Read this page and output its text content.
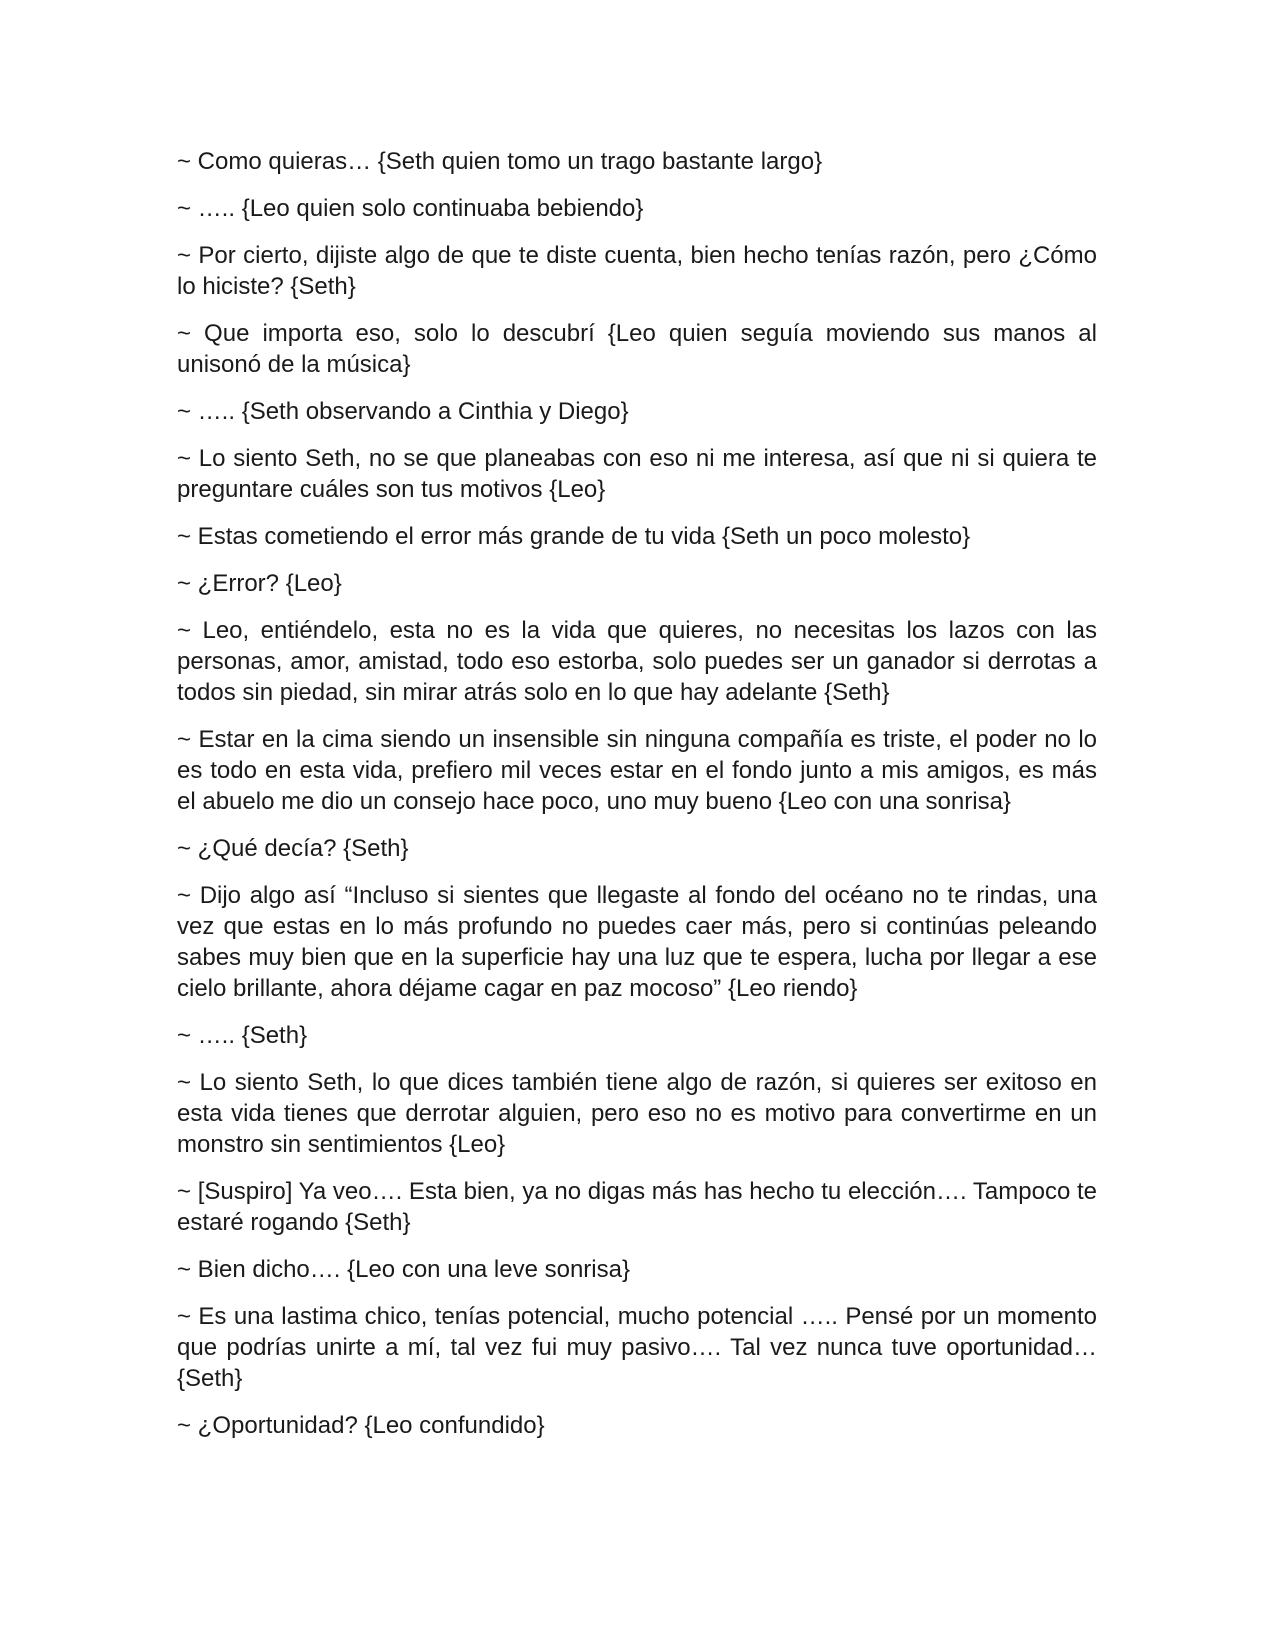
~ Como quieras… {Seth quien tomo un trago bastante largo}

~ ….. {Leo quien solo continuaba bebiendo}

~ Por cierto, dijiste algo de que te diste cuenta, bien hecho tenías razón, pero ¿Cómo lo hiciste? {Seth}

~ Que importa eso, solo lo descubrí {Leo quien seguía moviendo sus manos al unisonó de la música}

~ ….. {Seth observando a Cinthia y Diego}

~ Lo siento Seth, no se que planeabas con eso ni me interesa, así que ni si quiera te preguntare cuáles son tus motivos {Leo}

~ Estas cometiendo el error más grande de tu vida {Seth un poco molesto}

~ ¿Error? {Leo}

~ Leo, entiéndelo, esta no es la vida que quieres, no necesitas los lazos con las personas, amor, amistad, todo eso estorba, solo puedes ser un ganador si derrotas a todos sin piedad, sin mirar atrás solo en lo que hay adelante {Seth}

~ Estar en la cima siendo un insensible sin ninguna compañía es triste, el poder no lo es todo en esta vida, prefiero mil veces estar en el fondo junto a mis amigos, es más el abuelo me dio un consejo hace poco, uno muy bueno {Leo con una sonrisa}

~ ¿Qué decía? {Seth}

~ Dijo algo así “Incluso si sientes que llegaste al fondo del océano no te rindas, una vez que estas en lo más profundo no puedes caer más, pero si continúas peleando sabes muy bien que en la superficie hay una luz que te espera, lucha por llegar a ese cielo brillante, ahora déjame cagar en paz mocoso” {Leo riendo}

~ ….. {Seth}

~ Lo siento Seth, lo que dices también tiene algo de razón, si quieres ser exitoso en esta vida tienes que derrotar alguien, pero eso no es motivo para convertirme en un monstro sin sentimientos {Leo}

~ [Suspiro] Ya veo…. Esta bien, ya no digas más has hecho tu elección…. Tampoco te estaré rogando {Seth}

~ Bien dicho…. {Leo con una leve sonrisa}

~ Es una lastima chico, tenías potencial, mucho potencial ….. Pensé por un momento que podrías unirte a mí, tal vez fui muy pasivo…. Tal vez nunca tuve oportunidad… {Seth}

~ ¿Oportunidad? {Leo confundido}
